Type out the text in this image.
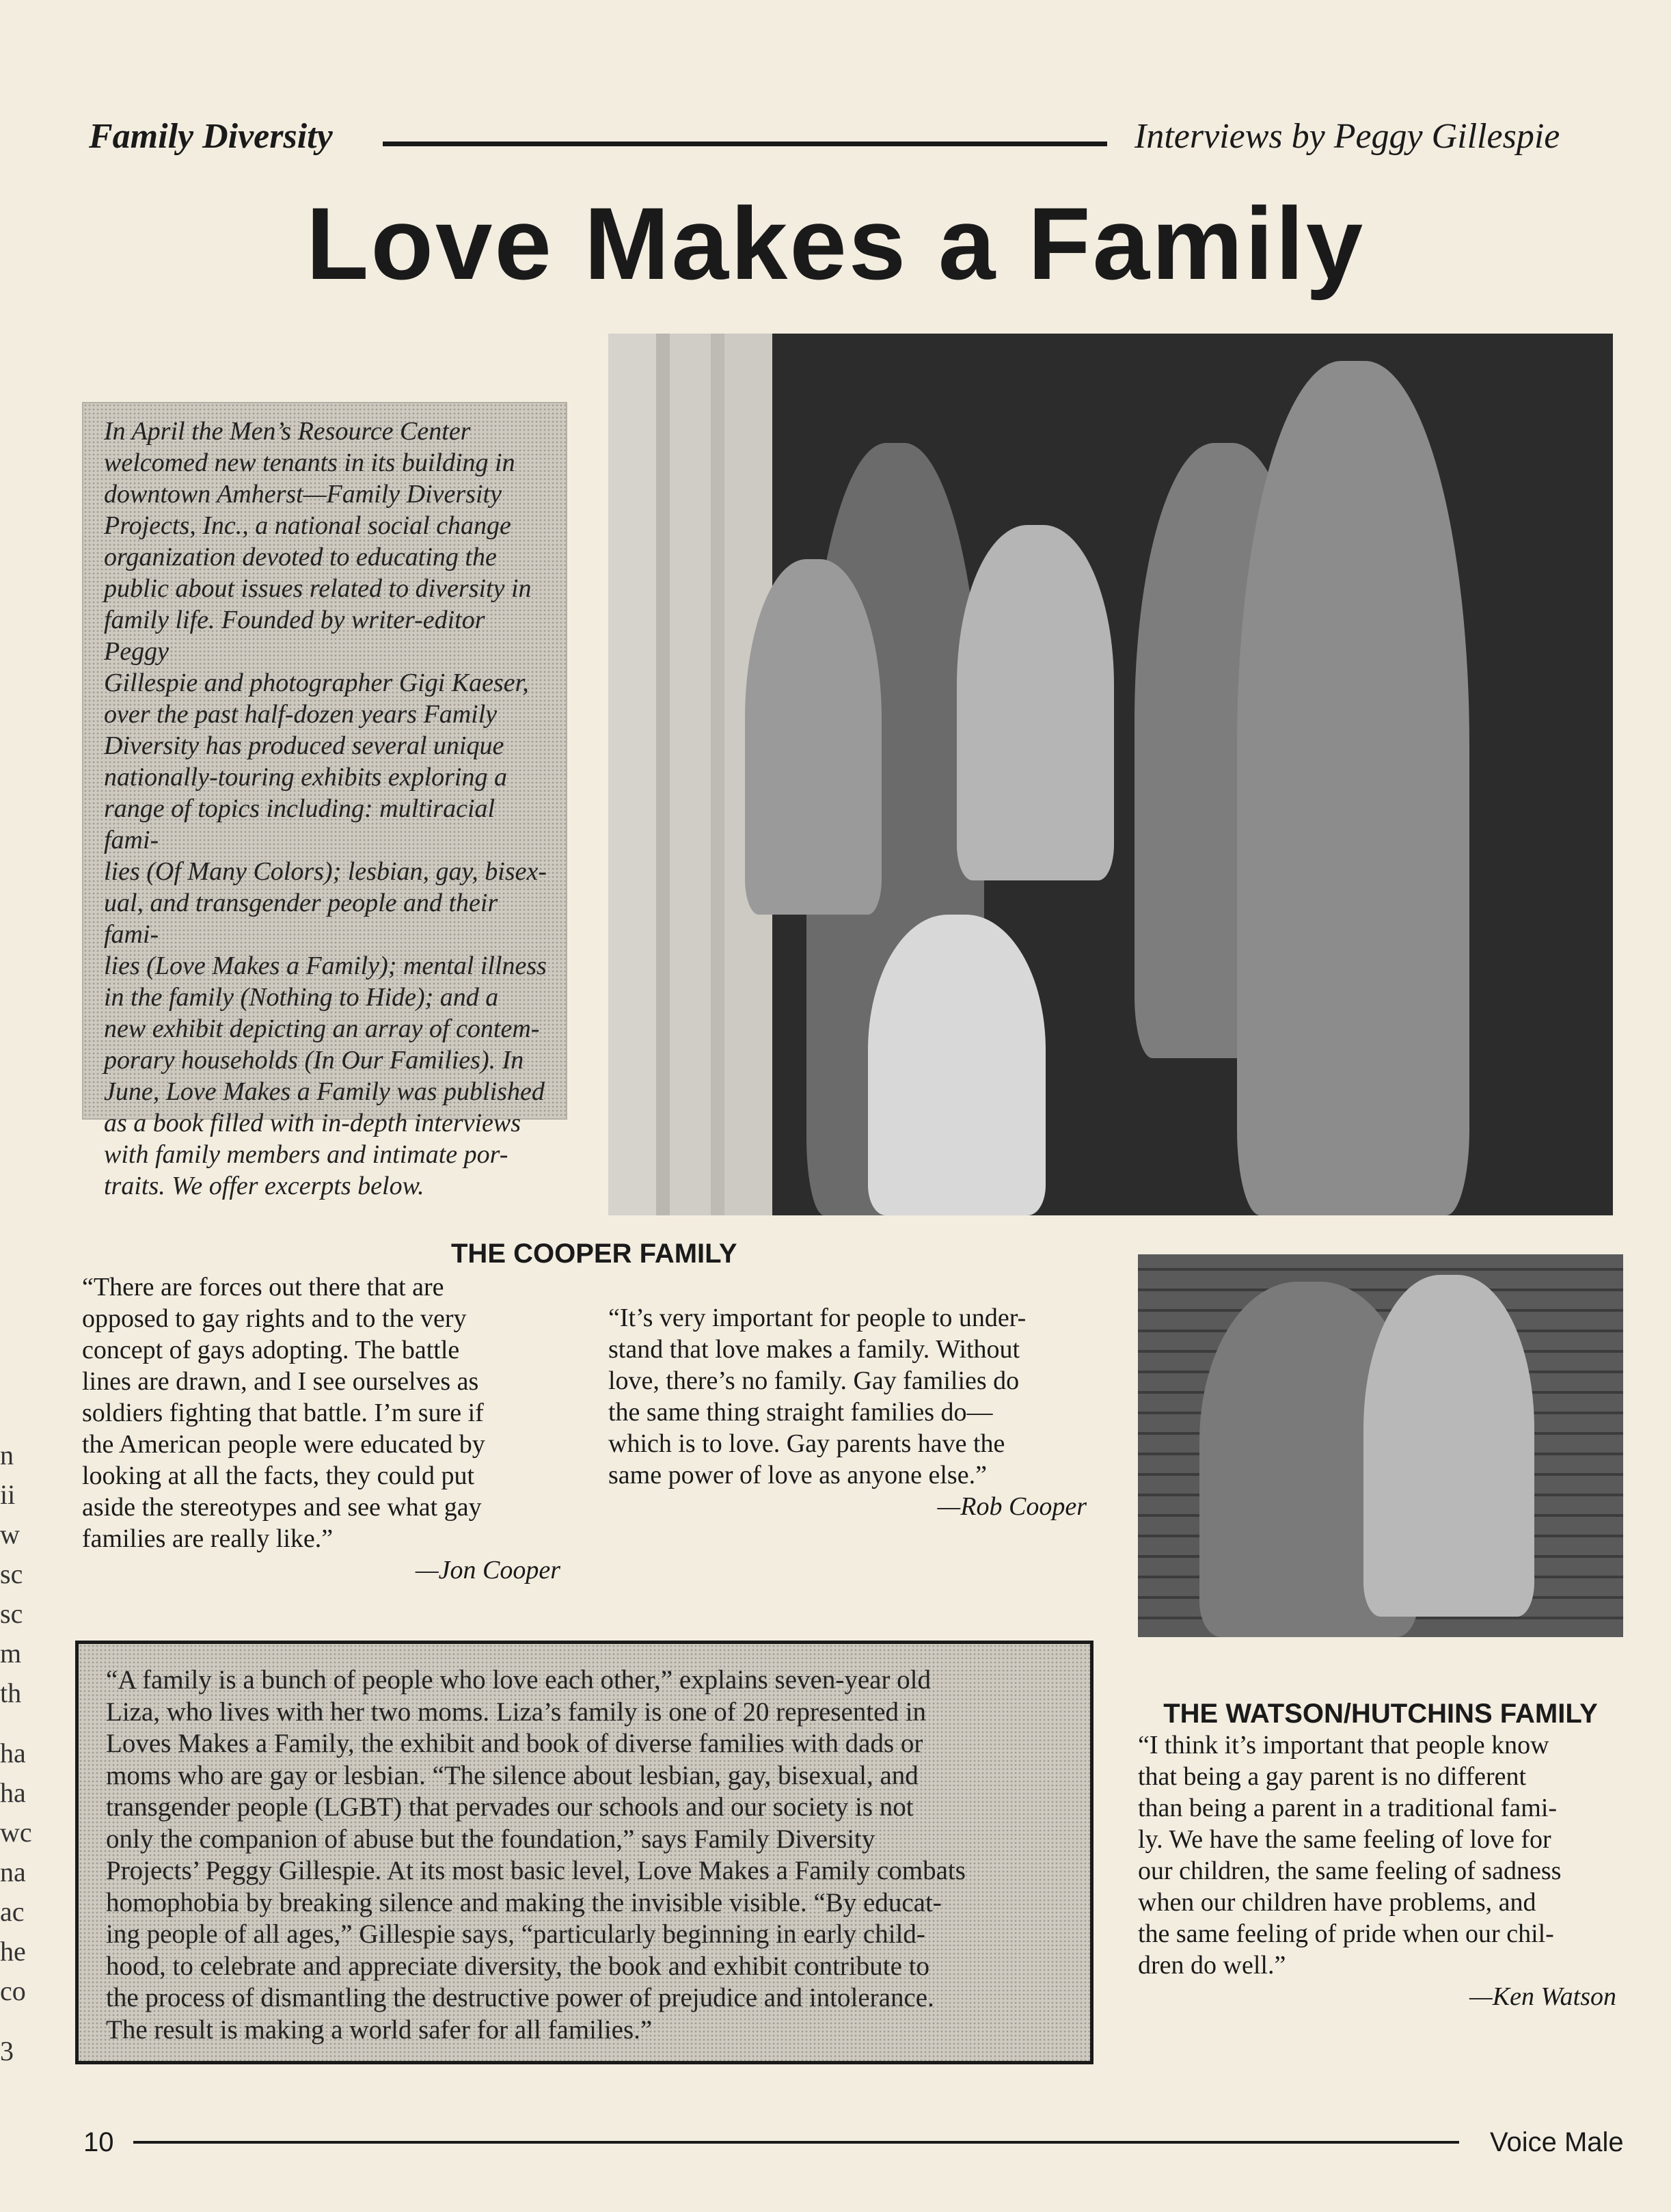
Family Diversity	Interviews by Peggy Gillespie
Love Makes a Family

In April the Men’s Resource Center

welcomed new tenants in its building in

downtown Amherst—Family Diversity

Projects, Inc., a national social change

organization devoted to educating the

public about issues related to diversity in

family life. Founded by writer-editor Peggy

Gillespie and photographer Gigi Kaeser,

over the past half-dozen years Family

Diversity has produced several unique

nationally-touring exhibits exploring a

range of topics including: multiracial fami-

lies (Of Many Colors); lesbian, gay, bisex-

ual, and transgender people and their fami-

lies (Love Makes a Family); mental illness

in the family (Nothing to Hide); and a

new exhibit depicting an array of contem-

porary households (In Our Families). In

June, Love Makes a Family was published

as a book filled with in-depth interviews

with family members and intimate por-

traits. We offer excerpts below.

THE COOPER FAMILY

“There are forces out there that are

opposed to gay rights and to the very

concept of gays adopting. The battle

lines are drawn, and I see ourselves as

soldiers fighting that battle. I’m sure if

the American people were educated by

looking at all the facts, they could put

aside the stereotypes and see what gay

families are really like.”

—Jon Cooper

“It’s very important for people to under-

stand that love makes a family. Without

love, there’s no family. Gay families do

the same thing straight families do—

which is to love. Gay parents have the

same power of love as anyone else.”

—Rob Cooper

“A family is a bunch of people who love each other,” explains seven-year old

Liza, who lives with her two moms. Liza’s family is one of 20 represented in

Loves Makes a Family, the exhibit and book of diverse families with dads or

moms who are gay or lesbian. “The silence about lesbian, gay, bisexual, and

transgender people (LGBT) that pervades our schools and our society is not

only the companion of abuse but the foundation,” says Family Diversity

Projects’ Peggy Gillespie. At its most basic level, Love Makes a Family combats

homophobia by breaking silence and making the invisible visible. “By educat-

ing people of all ages,” Gillespie says, “particularly beginning in early child-

hood, to celebrate and appreciate diversity, the book and exhibit contribute to

the process of dismantling the destructive power of prejudice and intolerance.

The result is making a world safer for all families.”

THE WATSON/HUTCHINS FAMILY

“I think it’s important that people know

that being a gay parent is no different

than being a parent in a traditional fami-

ly. We have the same feeling of love for

our children, the same feeling of sadness

when our children have problems, and

the same feeling of pride when our chil-

dren do well.”

—Ken Watson

n
ii
w
sc
sc
m
th
ha
ha
wc
na
ac
he
co
3
10	Voice Male
